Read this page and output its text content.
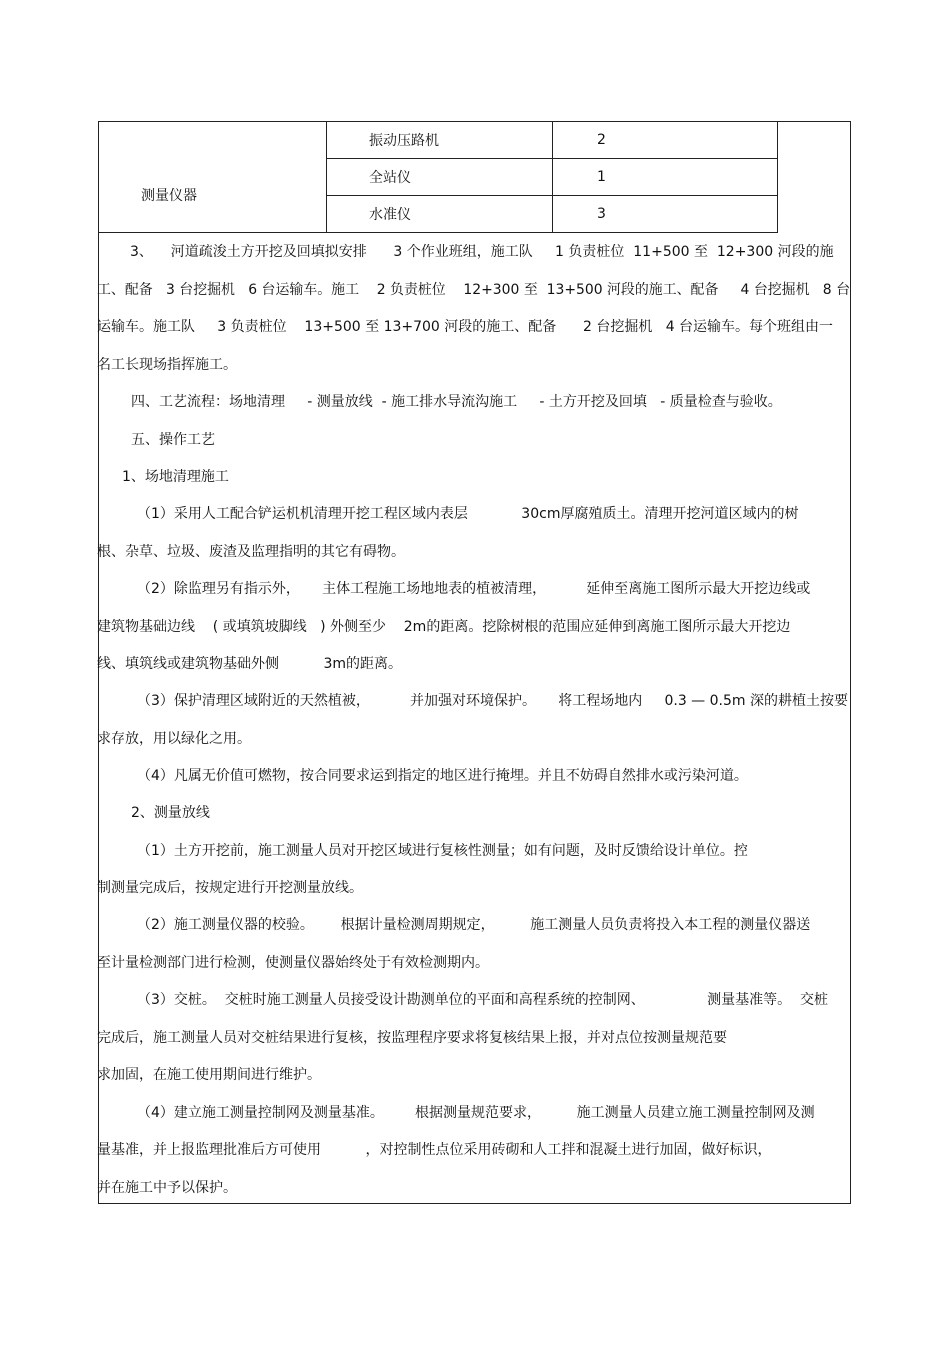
	振动压路机	2
测量仪器	全站仪	1
	水准仪	3
3、    河道疏浚土方开挖及回填拟安排      3 个作业班组，施工队     1 负责桩位  11+500 至  12+300 河段的施
工、配备   3 台挖掘机   6 台运输车。施工    2 负责桩位    12+300 至  13+500 河段的施工、配备     4 台挖掘机   8 台
运输车。施工队     3 负责桩位    13+500 至 13+700 河段的施工、配备      2 台挖掘机   4 台运输车。每个班组由一
名工长现场指挥施工。
四、工艺流程：场地清理     - 测量放线  - 施工排水导流沟施工     - 土方开挖及回填   - 质量检查与验收。
五、操作工艺
1、场地清理施工
（1）采用人工配合铲运机机清理开挖工程区域内表层            30cm厚腐殖质土。清理开挖河道区域内的树
根、杂草、垃圾、废渣及监理指明的其它有碍物。
（2）除监理另有指示外，     主体工程施工场地地表的植被清理，         延伸至离施工图所示最大开挖边线或
建筑物基础边线    ( 或填筑坡脚线   ) 外侧至少    2m的距离。挖除树根的范围应延伸到离施工图所示最大开挖边
线、填筑线或建筑物基础外侧          3m的距离。
（3）保护清理区域附近的天然植被，         并加强对环境保护。     将工程场地内     0.3 — 0.5m 深的耕植土按要
求存放，用以绿化之用。
（4）凡属无价值可燃物，按合同要求运到指定的地区进行掩埋。并且不妨碍自然排水或污染河道。
2、测量放线
（1）土方开挖前，施工测量人员对开挖区域进行复核性测量；如有问题，及时反馈给设计单位。控
制测量完成后，按规定进行开挖测量放线。
（2）施工测量仪器的校验。      根据计量检测周期规定，        施工测量人员负责将投入本工程的测量仪器送
至计量检测部门进行检测，使测量仪器始终处于有效检测期内。
（3）交桩。  交桩时施工测量人员接受设计勘测单位的平面和高程系统的控制网、              测量基准等。  交桩
完成后，施工测量人员对交桩结果进行复核，按监理程序要求将复核结果上报，并对点位按测量规范要
求加固，在施工使用期间进行维护。
（4）建立施工测量控制网及测量基准。       根据测量规范要求，        施工测量人员建立施工测量控制网及测
量基准，并上报监理批准后方可使用          ，对控制性点位采用砖砌和人工拌和混凝土进行加固，做好标识，
并在施工中予以保护。
